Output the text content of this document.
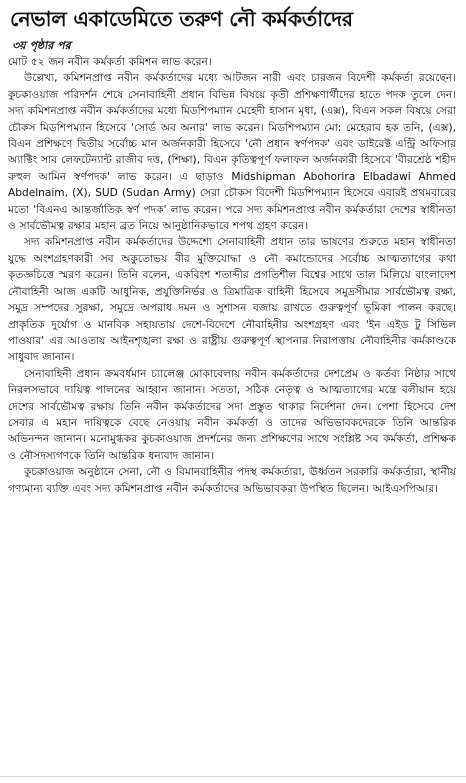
নেভাল একাডেমিতে তরুণ নৌ কর্মকর্তাদের
৩য় পৃষ্ঠার পর

মোট ৫২ জন নবীন কর্মকর্তা কমিশন লাভ করেন।

উল্লেখ্য, কমিশনপ্রাপ্ত নবীন কর্মকর্তাদের মধ্যে আটজন নারী এবং চারজন বিদেশী কর্মকর্তা রয়েছেন। কুচকাওয়াজ পরিদর্শন শেষে সেনাবাহিনী প্রধান বিভিন্ন বিষয়ে কৃতী প্রশিক্ষণার্থীদের হাতে পদক তুলে দেন। সদ্য কমিশনপ্রাপ্ত নবীন কর্মকর্তাদের মধ্যে মিডশিপম্যান মেহেদী হাসান মৃধা, (এক্স), বিএন সকল বিষয়ে সেরা চৌকস মিডশিপম্যান হিসেবে 'সোর্ড অব অনার' লাভ করেন। মিডশিপম্যান মো: মেহেরাব হক তনি, (এক্স), বিএন প্রশিক্ষণে দ্বিতীয় সর্বোচ্চ মান অর্জনকারী হিসেবে 'নৌ প্রধান স্বর্ণপদক' এবং ডাইরেক্ট এন্ট্রি অফিসার অ্যাক্টিং সাব লেফটেন্যান্ট রাজীব দত্ত, (শিক্ষা), বিএন কৃতিত্বপূর্ণ ফলাফল অর্জনকারী হিসেবে 'বীরশ্রেষ্ঠ শহীদ রুহুল আমিন স্বর্ণপদক' লাভ করেন। এ ছাড়াও Midshipman Abohorira Elbadawi Ahmed Abdelnaim, (X), SUD (Sudan Army) সেরা চৌকস বিদেশী মিডশিপম্যান হিসেবে এবারই প্রথমবারের মতো 'বিএনএ আন্তর্জাতিক স্বর্ণ পদক' লাভ করেন। পরে সদ্য কমিশনপ্রাপ্ত নবীন কর্মকর্তারা দেশের স্বাধীনতা ও সার্বভৌমত্ব রক্ষার মহান ব্রত নিয়ে আনুষ্ঠানিকভাবে শপথ গ্রহণ করেন।

সদ্য কমিশনপ্রাপ্ত নবীন কর্মকর্তাদের উদ্দেশ্যে সেনাবাহিনী প্রধান তার ভাষণের শুরুতে মহান স্বাধীনতা যুদ্ধে অংশগ্রহণকারী সব অকুতোভয় বীর মুক্তিযোদ্ধা ও নৌ কমান্ডোদের সর্বোচ্চ আত্মত্যাগের কথা কৃতজ্ঞচিত্তে স্মরণ করেন। তিনি বলেন, একবিংশ শতাব্দীর প্রগতিশীল বিশ্বের সাথে তাল মিলিয়ে বাংলাদেশ নৌবাহিনী আজ একটি আধুনিক, প্রযুক্তিনির্ভর ও ত্রিমাত্রিক বাহিনী হিসেবে সমুদ্রসীমার সার্বভৌমত্ব রক্ষা, সমুদ্র সম্পদের সুরক্ষা, সমুদ্রে অপরাধ দমন ও সুশাসন বজায় রাখতে গুরুত্বপূর্ণ ভূমিকা পালন করছে। প্রাকৃতিক দুর্যোগ ও মানবিক সহায়তায় দেশে-বিদেশে নৌবাহিনীর অংশগ্রহণ এবং 'ইন এইড টু সিভিল পাওয়ার' এর আওতায় আইনশৃঙ্খলা রক্ষা ও রাষ্ট্রীয় গুরুত্বপূর্ণ স্থাপনার নিরাপত্তায় নৌবাহিনীর কর্মকাণ্ডকে সাধুবাদ জানান।

সেনাবাহিনী প্রধান ক্রমবর্ধমান চ্যালেঞ্জ মোকাবেলায় নবীন কর্মকর্তাদের দেশপ্রেম ও কর্তব্য নিষ্ঠার সাথে নিরলসভাবে দায়িত্ব পালনের আহ্বান জানান। সততা, সঠিক নেতৃত্ব ও আত্মত্যাগের মন্ত্রে বলীয়ান হয়ে দেশের সার্বভৌমত্ব রক্ষায় তিনি নবীন কর্মকর্তাদের সদা প্রস্তুত থাকার নির্দেশনা দেন। পেশা হিসেবে দেশ সেবার এ মহান দায়িত্বকে বেছে নেওয়ায় নবীন কর্মকর্তা ও তাদের অভিভাবকদেরকে তিনি আন্তরিক অভিনন্দন জানান। মনোমুগ্ধকর কুচকাওয়াজ প্রদর্শনের জন্য প্রশিক্ষণের সাথে সংশ্লিষ্ট সব কর্মকর্তা, প্রশিক্ষক ও নৌসদস্যগণকে তিনি আন্তরিক ধন্যবাদ জানান।

কুচকাওয়াজ অনুষ্ঠানে সেনা, নৌ ও বিমানবাহিনীর পদস্থ কর্মকর্তারা, ঊর্ধ্বতন সরকারি কর্মকর্তারা, স্থানীয় গণ্যমান্য ব্যক্তি এবং সদ্য কমিশনপ্রাপ্ত নবীন কর্মকর্তাদের অভিভাবকরা উপস্থিত ছিলেন। আইএসপিআর।
